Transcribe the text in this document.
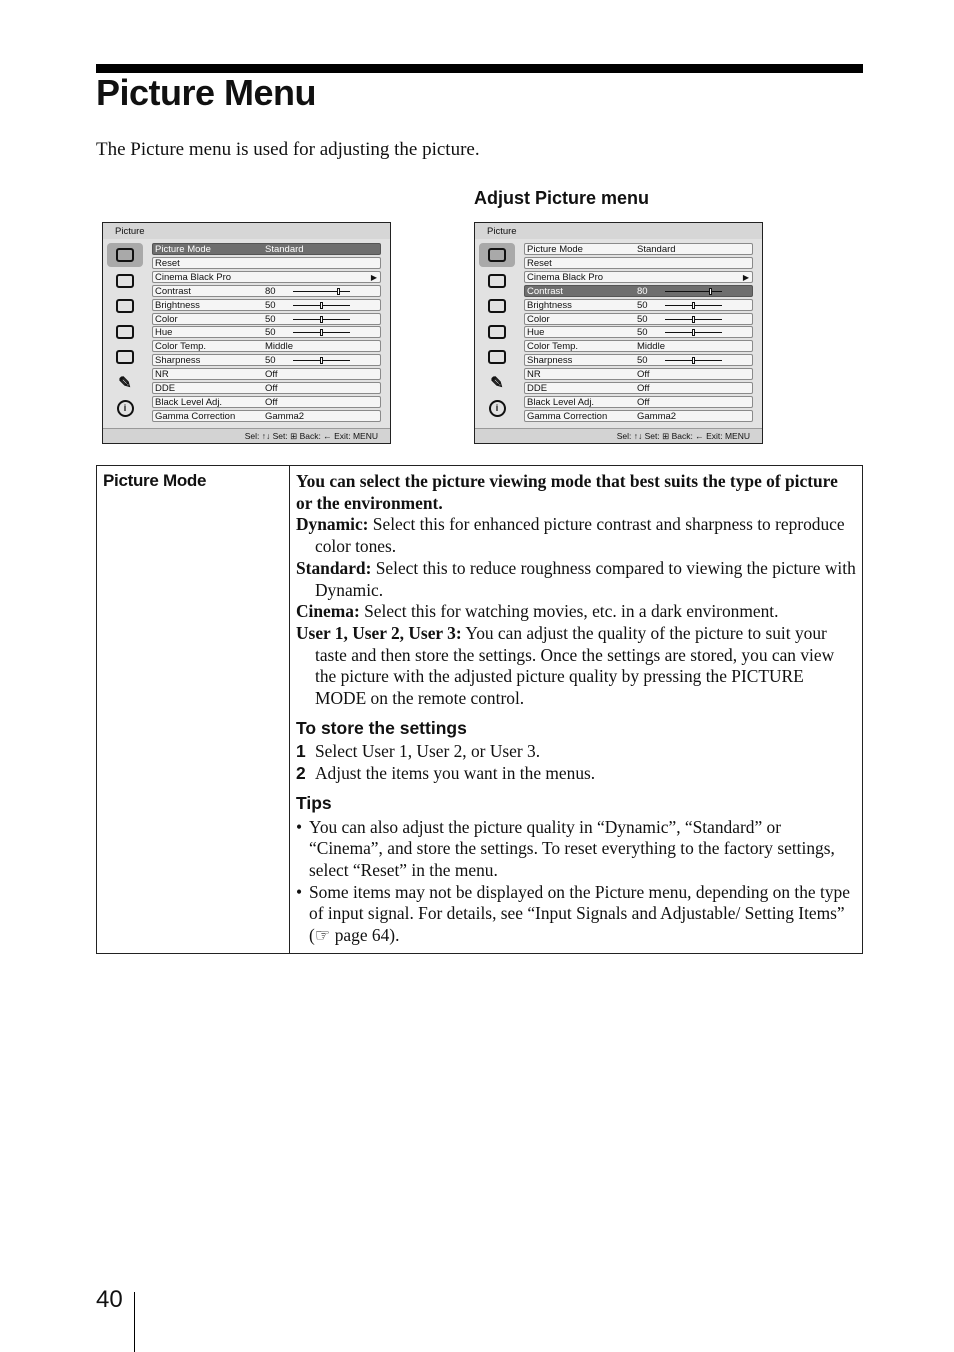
Picture Menu
The Picture menu is used for adjusting the picture.
Adjust Picture menu
Picture
✎
i
Picture Mode	Standard
Reset
Cinema Black Pro	▶
Contrast	80
Brightness	50
Color	50
Hue	50
Color Temp.	Middle
Sharpness	50
NR	Off
DDE	Off
Black Level Adj.	Off
Gamma Correction	Gamma2
Sel: ↑↓ Set: ⊞ Back: ← Exit: MENU
Picture
✎
i
Picture Mode	Standard
Reset
Cinema Black Pro	▶
Contrast	80
Brightness	50
Color	50
Hue	50
Color Temp.	Middle
Sharpness	50
NR	Off
DDE	Off
Black Level Adj.	Off
Gamma Correction	Gamma2
Sel: ↑↓ Set: ⊞ Back: ← Exit: MENU
Picture Mode	You can select the picture viewing mode that best suits the type of picture or the environment.
Dynamic: Select this for enhanced picture contrast and sharpness to reproduce color tones.
Standard: Select this to reduce roughness compared to viewing the picture with Dynamic.
Cinema: Select this for watching movies, etc. in a dark environment.
User 1, User 2, User 3: You can adjust the quality of the picture to suit your taste and then store the settings. Once the settings are stored, you can view the picture with the adjusted picture quality by pressing the PICTURE MODE on the remote control.
To store the settings
1 Select User 1, User 2, or User 3.
2 Adjust the items you want in the menus.
Tips
• You can also adjust the picture quality in “Dynamic”, “Standard” or “Cinema”, and store the settings. To reset everything to the factory settings, select “Reset” in the menu.
• Some items may not be displayed on the Picture menu, depending on the type of input signal. For details, see “Input Signals and Adjustable/ Setting Items” (☞ page 64).
40
